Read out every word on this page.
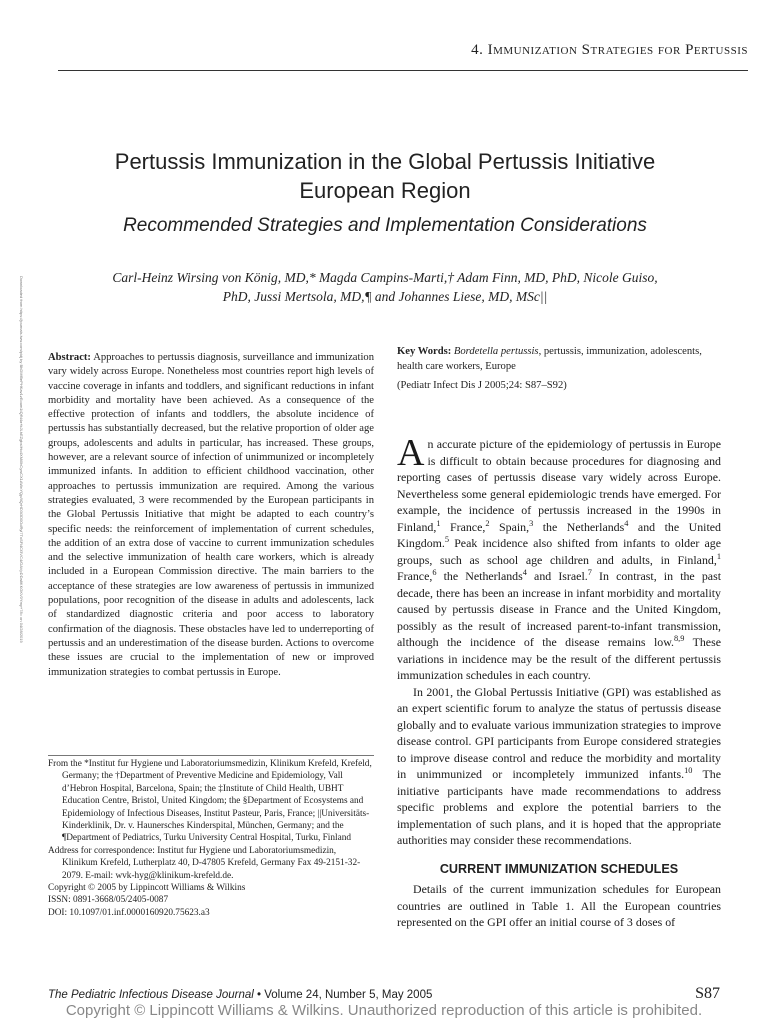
4. Immunization Strategies for Pertussis
Pertussis Immunization in the Global Pertussis Initiative
European Region
Recommended Strategies and Implementation Considerations
Carl-Heinz Wirsing von König, MD,* Magda Campins-Marti,† Adam Finn, MD, PhD, Nicole Guiso,
PhD, Jussi Mertsola, MD,¶ and Johannes Liese, MD, MSc||
Downloaded from https://journals.lww.com/pidj by BhDMf5ePHKav1zEoum1tQfN4a+kJLhEZgbsIHo4XMi0hCywCX1AWnYQp/IlQrHD3i3D0OdRyi7TvSFl4Cf3VC4/OAVpDDa8KKGKV0Ymy+78= on 04/28/2019 Abstract: Approaches to pertussis diagnosis, surveillance and immunization vary widely across Europe. Nonetheless most countries report high levels of vaccine coverage in infants and toddlers, and significant reductions in infant morbidity and mortality have been achieved. As a consequence of the effective protection of infants and toddlers, the absolute incidence of pertussis has substantially decreased, but the relative proportion of older age groups, adolescents and adults in particular, has increased. These groups, however, are a relevant source of infection of unimmunized or incompletely immunized infants. In addition to efficient childhood vaccination, other approaches to pertussis immunization are required. Among the various strategies evaluated, 3 were recommended by the European participants in the Global Pertussis Initiative that might be adapted to each country’s specific needs: the reinforcement of implementation of current schedules, the addition of an extra dose of vaccine to current immunization schedules and the selective immunization of health care workers, which is already included in a European Commission directive. The main barriers to the acceptance of these strategies are low awareness of pertussis in immunized populations, poor recognition of the disease in adults and adolescents, lack of standardized diagnostic criteria and poor access to laboratory confirmation of the diagnosis. These obstacles have led to underreporting of pertussis and an underestimation of the disease burden. Actions to overcome these issues are crucial to the implementation of new or improved immunization strategies to combat pertussis in Europe.
Key Words: Bordetella pertussis, pertussis, immunization, adolescents, health care workers, Europe
(Pediatr Infect Dis J 2005;24: S87–S92)

An accurate picture of the epidemiology of pertussis in Europe is difficult to obtain because procedures for diagnosing and reporting cases of pertussis disease vary widely across Europe. Nevertheless some general epidemiologic trends have emerged. For example, the incidence of pertussis increased in the 1990s in Finland,$^1$ France,$^2$ Spain,$^3$ the Netherlands$^4$ and the United Kingdom.$^5$ Peak incidence also shifted from infants to older age groups, such as school age children and adults, in Finland,$^1$ France,$^6$ the Netherlands$^4$ and Israel.$^7$ In contrast, in the past decade, there has been an increase in infant morbidity and mortality caused by pertussis disease in France and the United Kingdom, possibly as the result of increased parent-to-infant transmission, although the incidence of the disease remains low.$^{8,9}$ These variations in incidence may be the result of the different pertussis immunization schedules in each country.

In 2001, the Global Pertussis Initiative (GPI) was established as an expert scientific forum to analyze the status of pertussis disease globally and to evaluate various immunization strategies to improve disease control. GPI participants from Europe considered strategies to improve disease control and reduce the morbidity and mortality in unimmunized or incompletely immunized infants.$^{10}$ The initiative participants have made recommendations to address specific problems and explore the potential barriers to the implementation of such plans, and it is hoped that the appropriate authorities may consider these recommendations.

CURRENT IMMUNIZATION SCHEDULES

Details of the current immunization schedules for European countries are outlined in Table 1. All the European countries represented on the GPI offer an initial course of 3 doses of

From the *Institut fur Hygiene und Laboratoriumsmedizin, Klinikum Krefeld, Krefeld, Germany; the †Department of Preventive Medicine and Epidemiology, Vall d’Hebron Hospital, Barcelona, Spain; the ‡Institute of Child Health, UBHT Education Centre, Bristol, United Kingdom; the §Department of Ecosystems and Epidemiology of Infectious Diseases, Institut Pasteur, Paris, France; ||Universitäts-Kinderklinik, Dr. v. Haunersches Kinderspital, München, Germany; and the ¶Department of Pediatrics, Turku University Central Hospital, Turku, Finland

Address for correspondence: Institut fur Hygiene und Laboratoriumsmedizin, Klinikum Krefeld, Lutherplatz 40, D-47805 Krefeld, Germany Fax 49-2151-32-2079. E-mail: wvk-hyg@klinikum-krefeld.de.

Copyright © 2005 by Lippincott Williams & Wilkins

ISSN: 0891-3668/05/2405-0087

DOI: 10.1097/01.inf.0000160920.75623.a3

The Pediatric Infectious Disease Journal • Volume 24, Number 5, May 2005	S87
Copyright © Lippincott Williams & Wilkins. Unauthorized reproduction of this article is prohibited.
